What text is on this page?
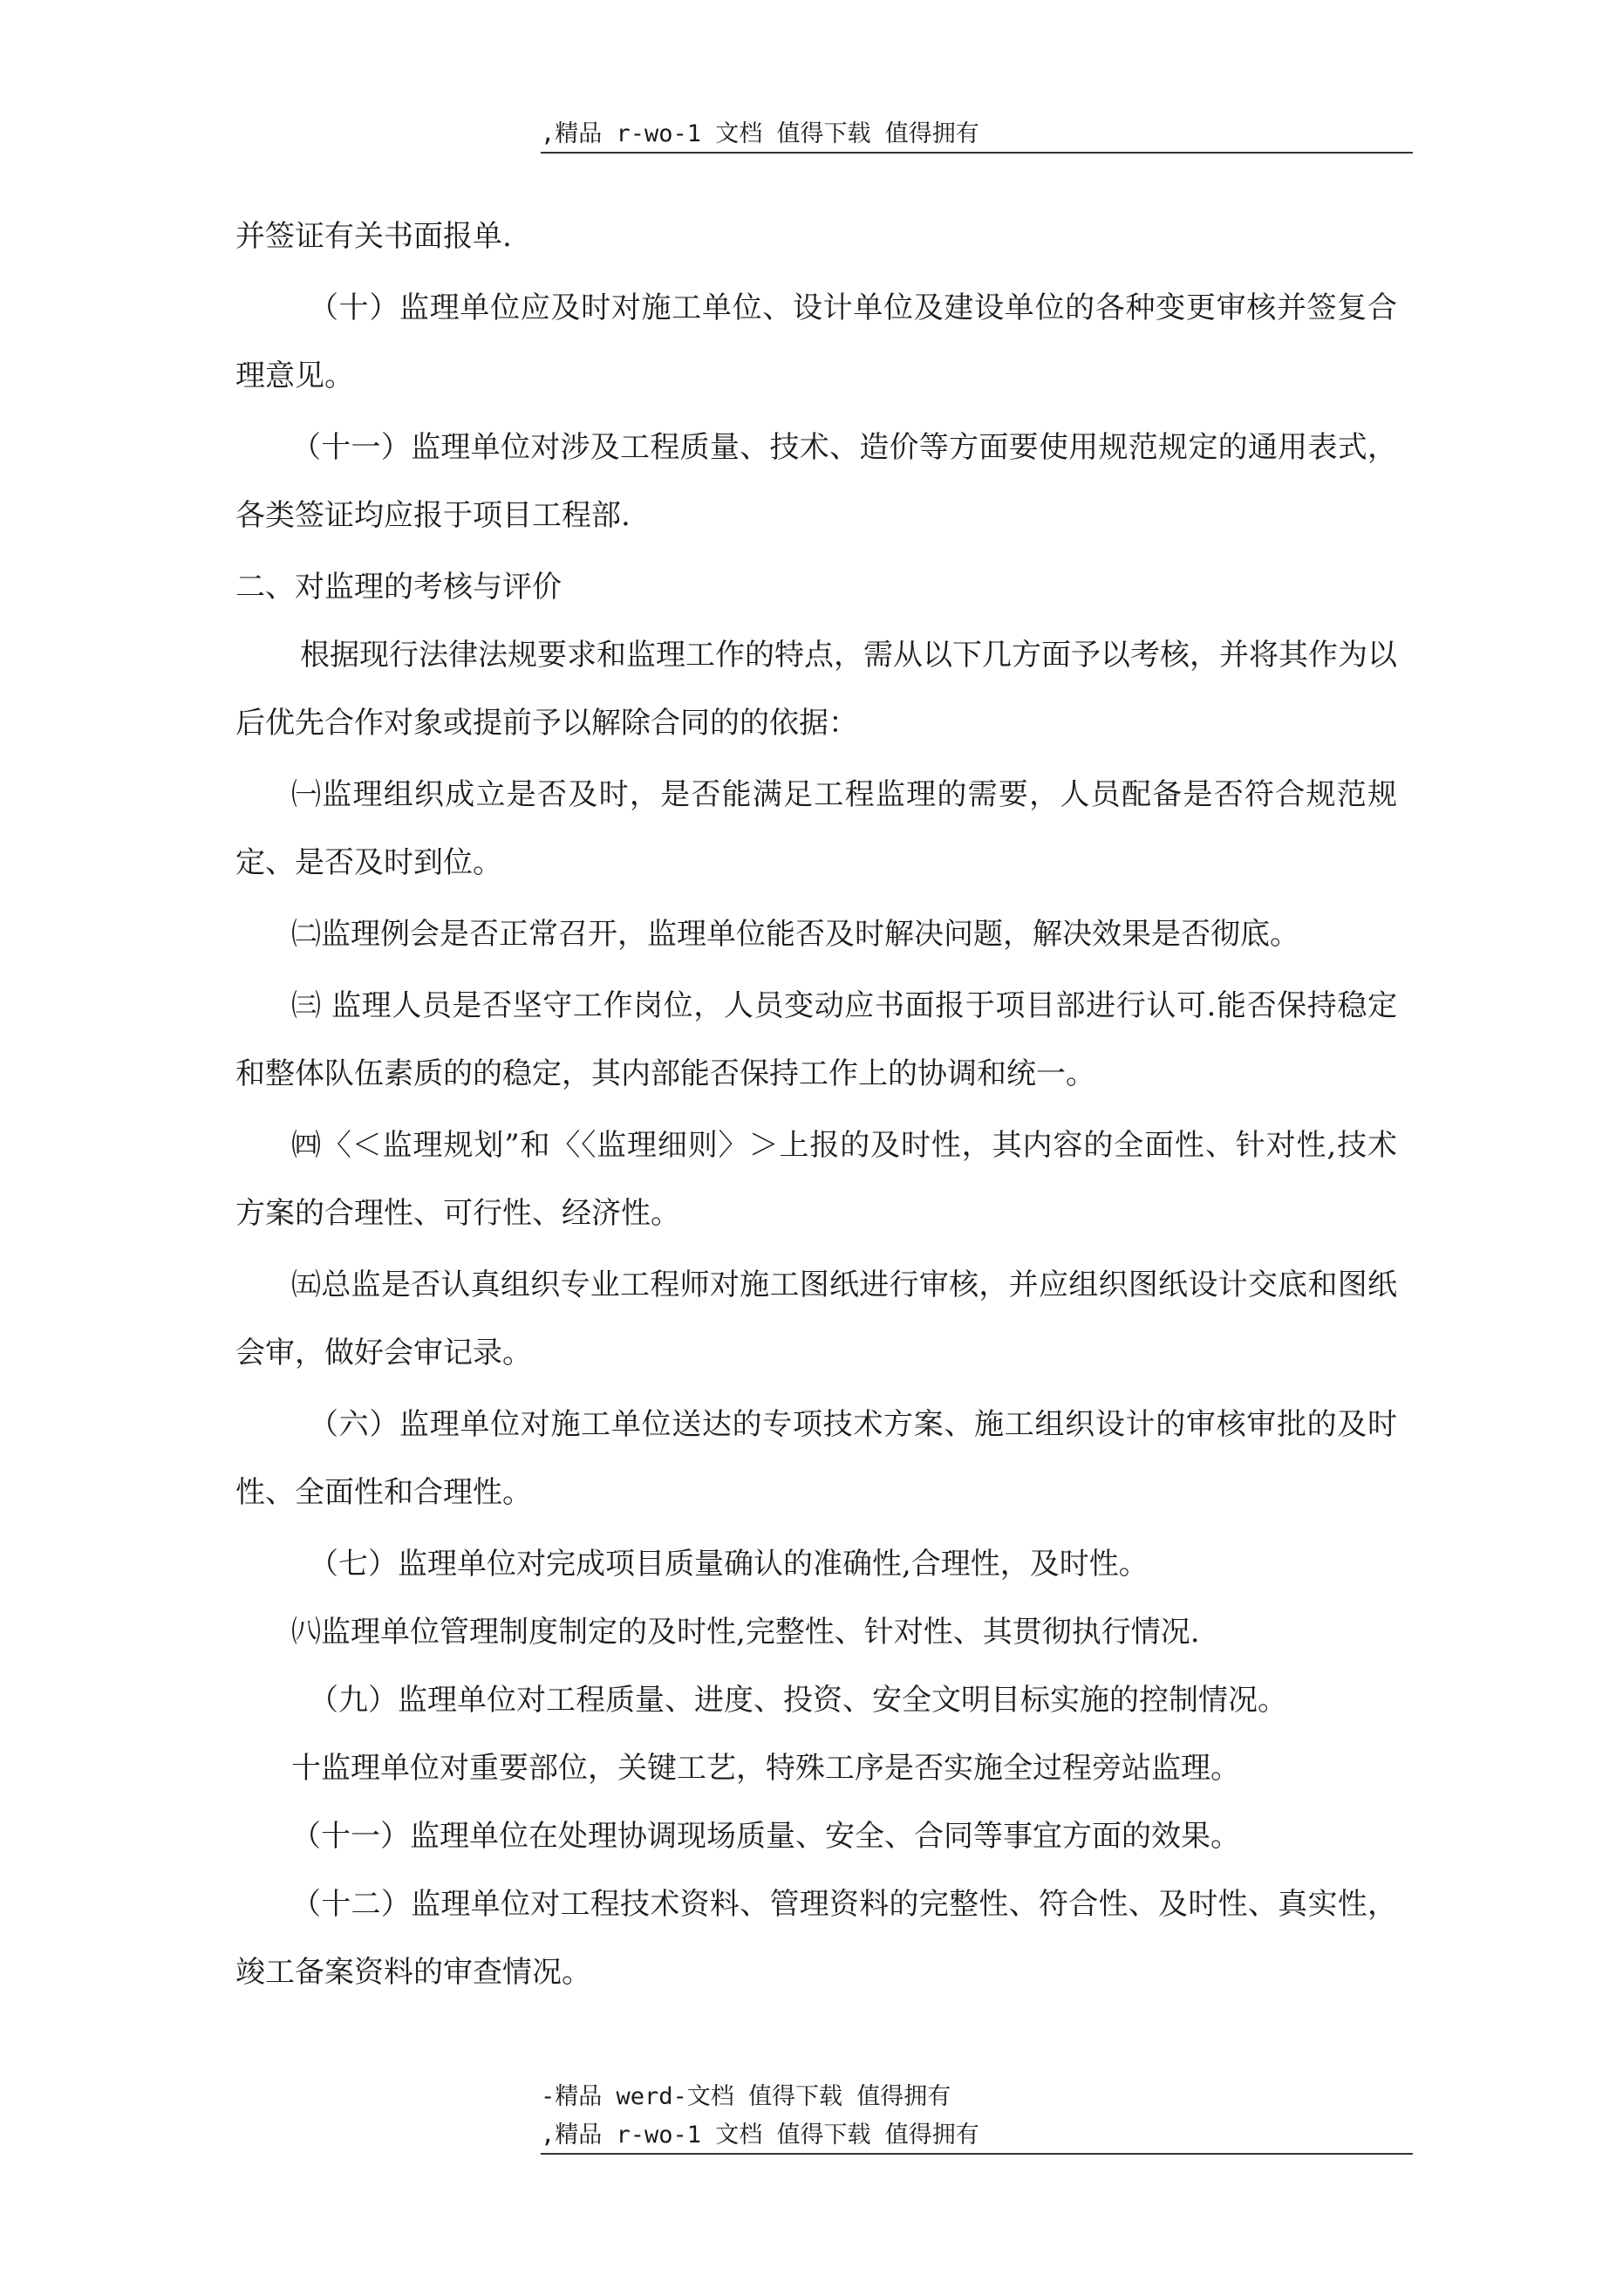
,精品 r-wo-1 文档 值得下载 值得拥有

并签证有关书面报单.

（十）监理单位应及时对施工单位、设计单位及建设单位的各种变更审核并签复合理意见。

（十一）监理单位对涉及工程质量、技术、造价等方面要使用规范规定的通用表式，各类签证均应报于项目工程部.

二、对监理的考核与评价

根据现行法律法规要求和监理工作的特点，需从以下几方面予以考核，并将其作为以后优先合作对象或提前予以解除合同的的依据：

㈠监理组织成立是否及时，是否能满足工程监理的需要，人员配备是否符合规范规定、是否及时到位。

㈡监理例会是否正常召开，监理单位能否及时解决问题，解决效果是否彻底。

㈢ 监理人员是否坚守工作岗位，人员变动应书面报于项目部进行认可.能否保持稳定和整体队伍素质的的稳定，其内部能否保持工作上的协调和统一。

㈣〈＜监理规划”和〈〈监理细则〉＞上报的及时性，其内容的全面性、针对性,技术方案的合理性、可行性、经济性。

㈤总监是否认真组织专业工程师对施工图纸进行审核，并应组织图纸设计交底和图纸会审，做好会审记录。

（六）监理单位对施工单位送达的专项技术方案、施工组织设计的审核审批的及时性、全面性和合理性。

（七）监理单位对完成项目质量确认的准确性,合理性，及时性。

㈧监理单位管理制度制定的及时性,完整性、针对性、其贯彻执行情况.

（九）监理单位对工程质量、进度、投资、安全文明目标实施的控制情况。

十监理单位对重要部位，关键工艺，特殊工序是否实施全过程旁站监理。

（十一）监理单位在处理协调现场质量、安全、合同等事宜方面的效果。

（十二）监理单位对工程技术资料、管理资料的完整性、符合性、及时性、真实性，竣工备案资料的审查情况。

-精品 werd-文档 值得下载 值得拥有
,精品 r-wo-1 文档 值得下载 值得拥有
